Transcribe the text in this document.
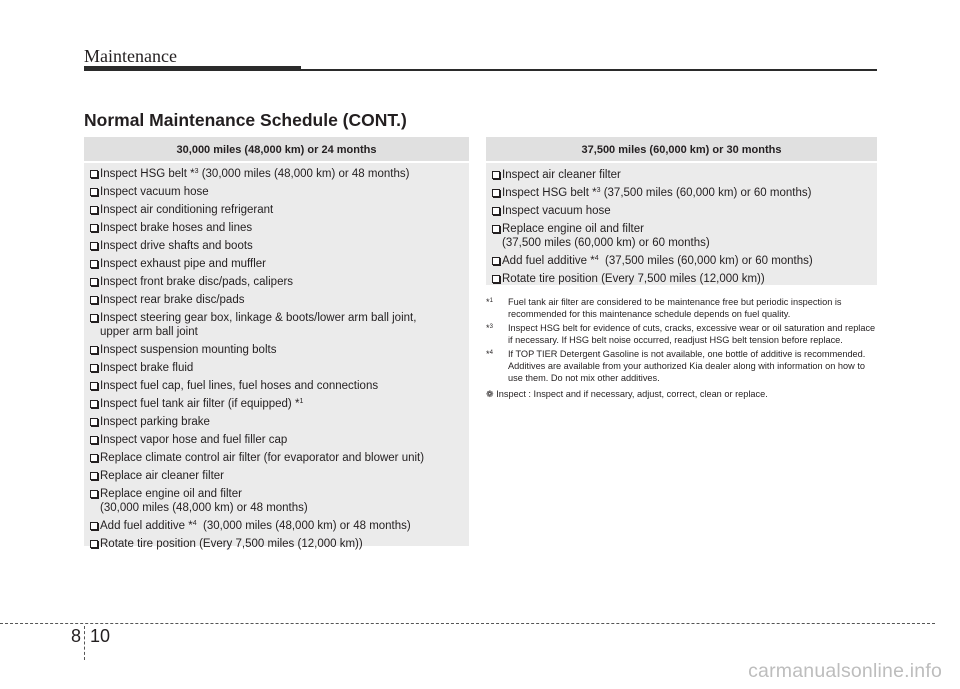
Maintenance
Normal Maintenance Schedule (CONT.)
30,000 miles (48,000 km) or 24 months
Inspect HSG belt *$^3$ (30,000 miles (48,000 km) or 48 months)
Inspect vacuum hose
Inspect air conditioning refrigerant
Inspect brake hoses and lines
Inspect drive shafts and boots
Inspect exhaust pipe and muffler
Inspect front brake disc/pads, calipers
Inspect rear brake disc/pads
Inspect steering gear box, linkage & boots/lower arm ball joint,
upper arm ball joint
Inspect suspension mounting bolts
Inspect brake fluid
Inspect fuel cap, fuel lines, fuel hoses and connections
Inspect fuel tank air filter (if equipped) *$^1$
Inspect parking brake
Inspect vapor hose and fuel filler cap
Replace climate control air filter (for evaporator and blower unit)
Replace air cleaner filter
Replace engine oil and filter
(30,000 miles (48,000 km) or 48 months)
Add fuel additive *$^4$  (30,000 miles (48,000 km) or 48 months)
Rotate tire position (Every 7,500 miles (12,000 km))
37,500 miles (60,000 km) or 30 months
Inspect air cleaner filter
Inspect HSG belt *$^3$ (37,500 miles (60,000 km) or 60 months)
Inspect vacuum hose
Replace engine oil and filter
(37,500 miles (60,000 km) or 60 months)
Add fuel additive *$^4$  (37,500 miles (60,000 km) or 60 months)
Rotate tire position (Every 7,500 miles (12,000 km))
*$^1$ Fuel tank air filter are considered to be maintenance free but periodic inspection is recommended for this maintenance schedule depends on fuel quality.
*$^3$ Inspect HSG belt for evidence of cuts, cracks, excessive wear or oil saturation and replace if necessary. If HSG belt noise occurred, readjust HSG belt tension before replace.
*$^4$ If TOP TIER Detergent Gasoline is not available, one bottle of additive is recommended. Additives are available from your authorized Kia dealer along with information on how to use them. Do not mix other additives.
❁ Inspect : Inspect and if necessary, adjust, correct, clean or replace.
8 10
carmanualsonline.info
